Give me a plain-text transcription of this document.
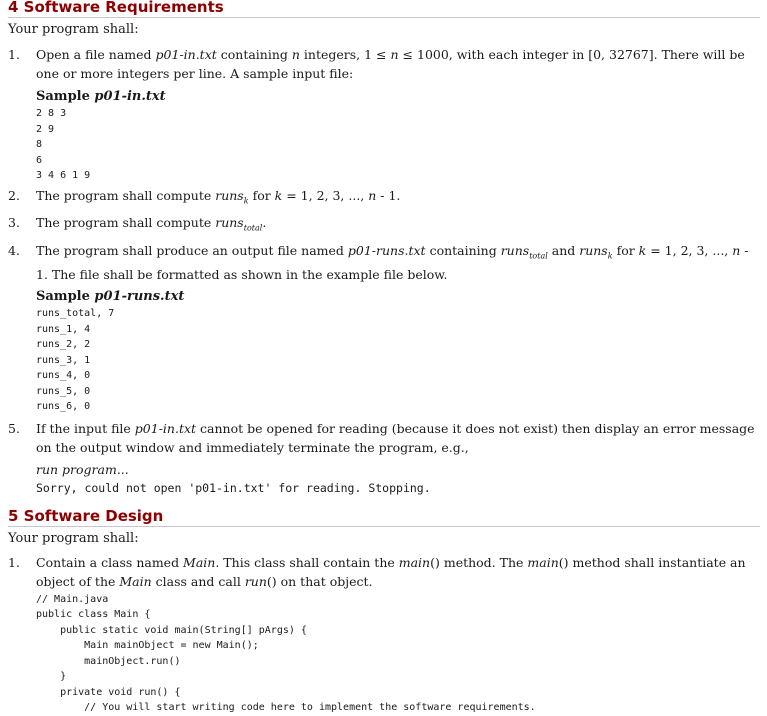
4 Software Requirements

Your program shall:

1. Open a file named p01-in.txt containing n integers, 1 ≤ n ≤ 1000, with each integer in [0, 32767]. There will be one or more integers per line. A sample input file:
Sample p01-in.txt
2 8 3
2 9
8
6
3 4 6 1 9
2. The program shall compute runs$_k$ for k = 1, 2, 3, ..., n - 1.
3. The program shall compute runs$_{total}$.
4. The program shall produce an output file named p01-runs.txt containing runs$_{total}$ and runs$_k$ for k = 1, 2, 3, ..., n - 1. The file shall be formatted as shown in the example file below.
Sample p01-runs.txt
runs_total, 7
runs_1, 4
runs_2, 2
runs_3, 1
runs_4, 0
runs_5, 0
runs_6, 0
5. If the input file p01-in.txt cannot be opened for reading (because it does not exist) then display an error message on the output window and immediately terminate the program, e.g.,
run program...
Sorry, could not open 'p01-in.txt' for reading. Stopping.
5 Software Design

Your program shall:

1. Contain a class named Main. This class shall contain the main() method. The main() method shall instantiate an object of the Main class and call run() on that object.
// Main.java
public class Main {
public static void main(String[] pArgs) {
Main mainObject = new Main();
mainObject.run()
}
private void run() {
// You will start writing code here to implement the software requirements.
